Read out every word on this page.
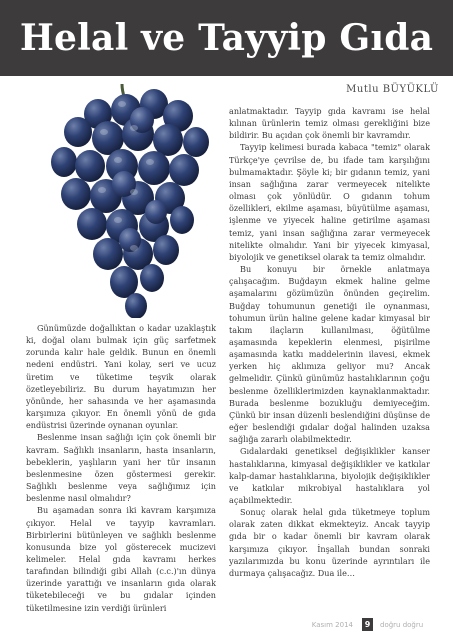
Helal ve Tayyip Gıda
Mutlu BÜYÜKLÜ

Günümüzde doğallıktan o kadar uzaklaştık ki, doğal olanı bulmak için güç sarfetmek zorunda kalır hale geldik. Bunun en önemli nedeni endüstri. Yani kolay, seri ve ucuz üretim ve tüketime teşvik olarak özetleyebiliriz. Bu durum hayatımızın her yönünde, her sahasında ve her aşamasında karşımıza çıkıyor. En önemli yönü de gıda endüstrisi üzerinde oynanan oyunlar.

Beslenme insan sağlığı için çok önemli bir kavram. Sağlıklı insanların, hasta insanların, bebeklerin, yaşlıların yani her tür insanın beslenmesine özen göstermesi gerekir. Sağlıklı beslenme veya sağlığımız için beslenme nasıl olmalıdır?

Bu aşamadan sonra iki kavram karşımıza çıkıyor. Helal ve tayyip kavramları. Birbirlerini bütünleyen ve sağlıklı beslenme konusunda bize yol gösterecek mucizevi kelimeler. Helal gıda kavramı herkes tarafından bilindiği gibi Allah (c.c.)'ın dünya üzerinde yarattığı ve insanların gıda olarak tüketebileceği ve bu gıdalar içinden tüketilmesine izin verdiği ürünleri

anlatmaktadır. Tayyip gıda kavramı ise helal kılınan ürünlerin temiz olması gerekliğini bize bildirir. Bu açıdan çok önemli bir kavramdır.

Tayyip kelimesi burada kabaca "temiz" olarak Türkçe'ye çevrilse de, bu ifade tam karşılığını bulmamaktadır. Şöyle ki; bir gıdanın temiz, yani insan sağlığına zarar vermeyecek nitelikte olması çok yönlüdür. O gıdanın tohum özellikleri, ekilme aşaması, büyütülme aşaması, işlenme ve yiyecek haline getirilme aşaması temiz, yani insan sağlığına zarar vermeyecek nitelikte olmalıdır. Yani bir yiyecek kimyasal, biyolojik ve genetiksel olarak ta temiz olmalıdır.

Bu konuyu bir örnekle anlatmaya çalışacağım. Buğdayın ekmek haline gelme aşamalarını gözümüzün önünden geçirelim. Buğday tohumunun genetiği ile oynanması, tohumun ürün haline gelene kadar kimyasal bir takım ilaçların kullanılması, öğütülme aşamasında kepeklerin elenmesi, pişirilme aşamasında katkı maddelerinin ilavesi, ekmek yerken hiç aklımıza geliyor mu? Ancak gelmelidir. Çünkü günümüz hastalıklarının çoğu beslenme özelliklerimizden kaynaklanmaktadır. Burada beslenme bozukluğu demiyeceğim. Çünkü bir insan düzenli beslendiğini düşünse de eğer beslendiği gıdalar doğal halinden uzaksa sağlığa zararlı olabilmektedir.

Gıdalardaki genetiksel değişiklikler kanser hastalıklarına, kimyasal değişiklikler ve katkılar kalp-damar hastalıklarına, biyolojik değişiklikler ve katkılar mikrobiyal hastalıklara yol açabilmektedir.

Sonuç olarak helal gıda tüketmeye toplum olarak zaten dikkat ekmekteyiz. Ancak tayyip gıda bir o kadar önemli bir kavram olarak karşımıza çıkıyor. İnşallah bundan sonraki yazılarımızda bu konu üzerinde ayrıntıları ile durmaya çalışacağız. Dua ile…

Kasım 2014	9	doğru doğru
